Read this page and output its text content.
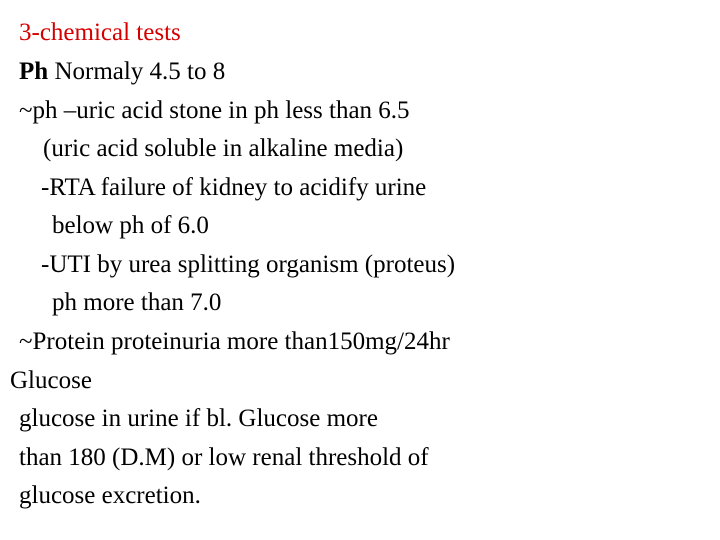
3-chemical tests

Ph Normaly 4.5 to 8

~ph –uric acid stone in ph less than 6.5

(uric acid soluble in alkaline media)

-RTA failure of kidney to acidify urine

below ph of 6.0

-UTI by urea splitting organism (proteus)

ph more than 7.0

~Protein proteinuria more than150mg/24hr

Glucose

glucose in urine if bl. Glucose more

than 180 (D.M) or low renal threshold of

glucose excretion.
